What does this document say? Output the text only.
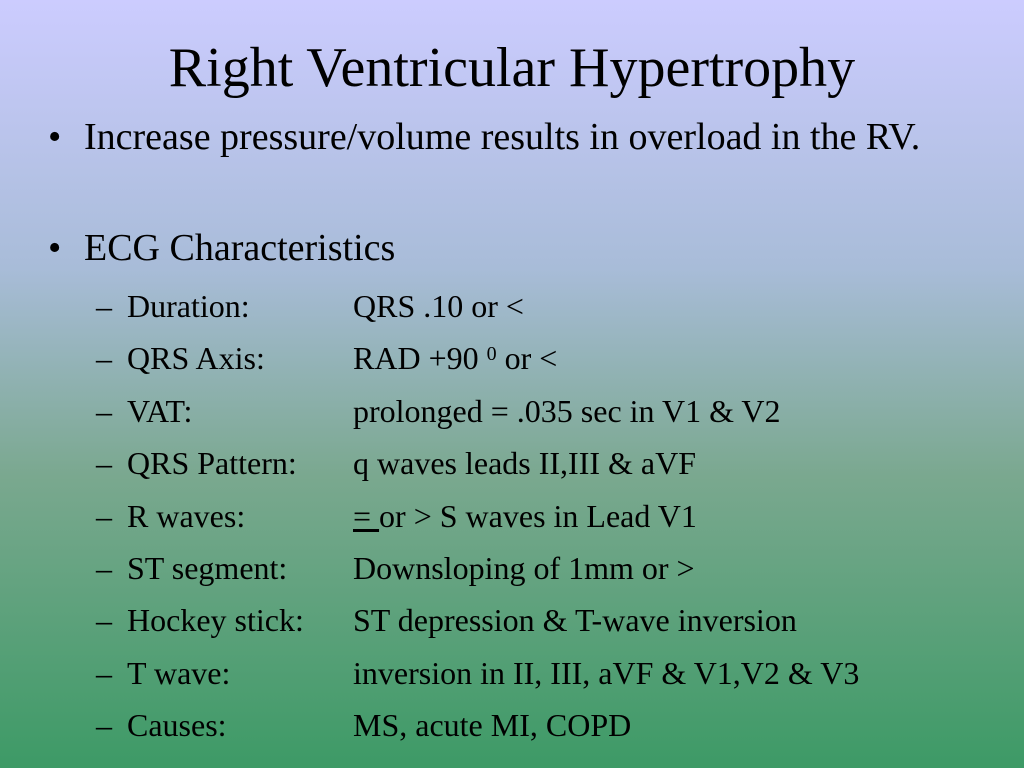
Right Ventricular Hypertrophy
• Increase pressure/volume results in overload in the RV.
• ECG Characteristics
– Duration:	QRS .10 or <
– QRS Axis:	RAD +90 $^0$ or <
– VAT:	prolonged = .035 sec in V1 & V2
– QRS Pattern: q waves leads II,III & aVF
– R waves:	= or > S waves in Lead V1
– ST segment: Downsloping of 1mm or >
– Hockey stick: ST depression & T-wave inversion
– T wave:	inversion in II, III, aVF & V1,V2 & V3
– Causes:	MS, acute MI, COPD
